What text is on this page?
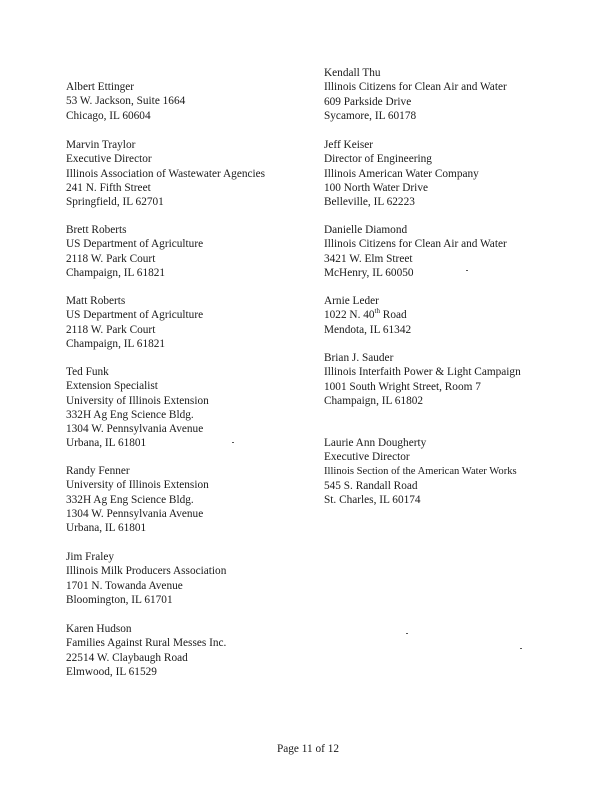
Albert Ettinger
53 W. Jackson, Suite 1664
Chicago, IL 60604
Marvin Traylor
Executive Director
Illinois Association of Wastewater Agencies
241 N. Fifth Street
Springfield, IL 62701
Brett Roberts
US Department of Agriculture
2118 W. Park Court
Champaign, IL 61821
Matt Roberts
US Department of Agriculture
2118 W. Park Court
Champaign, IL 61821
Ted Funk
Extension Specialist
University of Illinois Extension
332H Ag Eng Science Bldg.
1304 W. Pennsylvania Avenue
Urbana, IL 61801
Randy Fenner
University of Illinois Extension
332H Ag Eng Science Bldg.
1304 W. Pennsylvania Avenue
Urbana, IL 61801
Jim Fraley
Illinois Milk Producers Association
1701 N. Towanda Avenue
Bloomington, IL 61701
Karen Hudson
Families Against Rural Messes Inc.
22514 W. Claybaugh Road
Elmwood, IL 61529
Kendall Thu
Illinois Citizens for Clean Air and Water
609 Parkside Drive
Sycamore, IL 60178
Jeff Keiser
Director of Engineering
Illinois American Water Company
100 North Water Drive
Belleville, IL 62223
Danielle Diamond
Illinois Citizens for Clean Air and Water
3421 W. Elm Street
McHenry, IL 60050
Arnie Leder
1022 N. 40th Road
Mendota, IL 61342
Brian J. Sauder
Illinois Interfaith Power & Light Campaign
1001 South Wright Street, Room 7
Champaign, IL 61802
Laurie Ann Dougherty
Executive Director
Illinois Section of the American Water Works
545 S. Randall Road
St. Charles, IL 60174
Page 11 of 12
